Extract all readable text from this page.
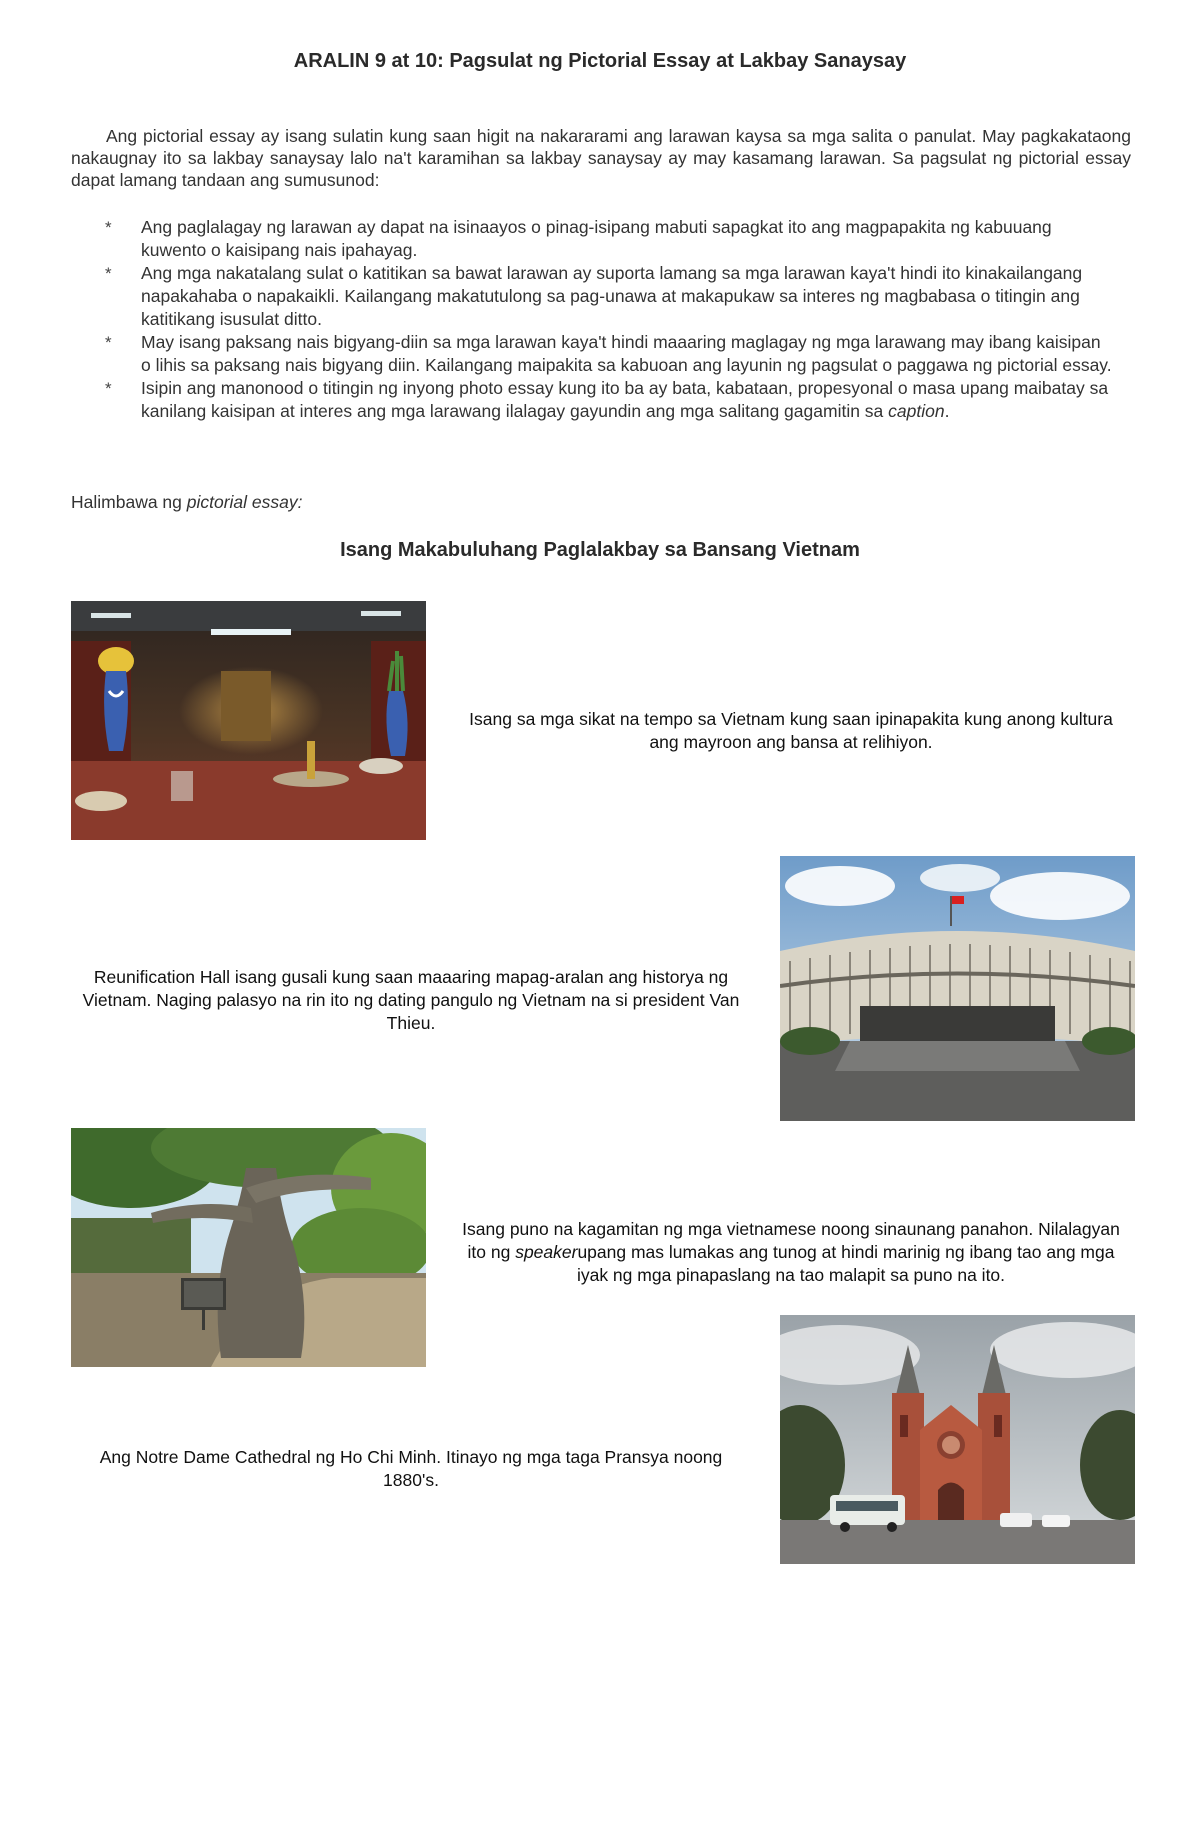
ARALIN 9 at 10: Pagsulat ng Pictorial Essay at Lakbay Sanaysay

Ang pictorial essay ay isang sulatin kung saan higit na nakararami ang larawan kaysa sa mga salita o panulat. May pagkakataong nakaugnay ito sa lakbay sanaysay lalo na't karamihan sa lakbay sanaysay ay may kasamang larawan. Sa pagsulat ng pictorial essay dapat lamang tandaan ang sumusunod:

* Ang paglalagay ng larawan ay dapat na isinaayos o pinag-isipang mabuti sapagkat ito ang magpapakita ng kabuuang kuwento o kaisipang nais ipahayag.
* Ang mga nakatalang sulat o katitikan sa bawat larawan ay suporta lamang sa mga larawan kaya't hindi ito kinakailangang napakahaba o napakaikli. Kailangang makatutulong sa pag-unawa at makapukaw sa interes ng magbabasa o titingin ang katitikang isusulat ditto.
* May isang paksang nais bigyang-diin sa mga larawan kaya't hindi maaaring maglagay ng mga larawang may ibang kaisipan o lihis sa paksang nais bigyang diin. Kailangang maipakita sa kabuoan ang layunin ng pagsulat o paggawa ng pictorial essay.
* Isipin ang manonood o titingin ng inyong photo essay kung ito ba ay bata, kabataan, propesyonal o masa upang maibatay sa kanilang kaisipan at interes ang mga larawang ilalagay gayundin ang mga salitang gagamitin sa caption.

Halimbawa ng pictorial essay:

Isang Makabuluhang Paglalakbay sa Bansang Vietnam

Isang sa mga sikat na tempo sa Vietnam kung saan ipinapakita kung anong kultura ang mayroon ang bansa at relihiyon.

Reunification Hall isang gusali kung saan maaaring mapag-aralan ang historya ng Vietnam. Naging palasyo na rin ito ng dating pangulo ng Vietnam na si president Van Thieu.

Isang puno na kagamitan ng mga vietnamese noong sinaunang panahon. Nilalagyan ito ng speakerupang mas lumakas ang tunog at hindi marinig ng ibang tao ang mga iyak ng mga pinapaslang na tao malapit sa puno na ito.

Ang Notre Dame Cathedral ng Ho Chi Minh. Itinayo ng mga taga Pransya noong 1880's.
